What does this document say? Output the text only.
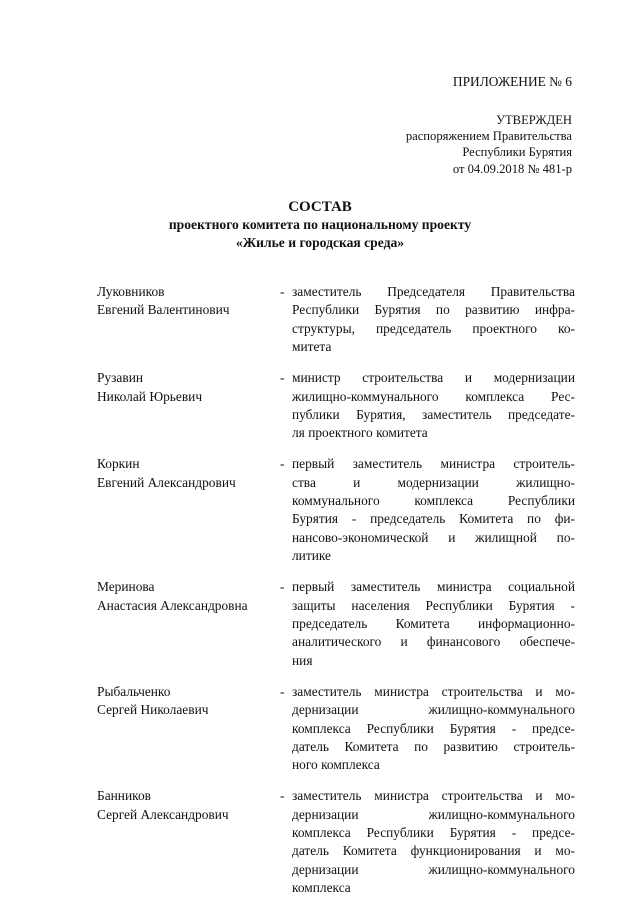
ПРИЛОЖЕНИЕ № 6
УТВЕРЖДЕН
распоряжением Правительства
Республики Бурятия
от 04.09.2018 № 481-р
СОСТАВ
проектного комитета по национальному проекту
«Жилье и городская среда»
Луковников
Евгений Валентинович
- заместитель Председателя Правительства
Республики Бурятия по развитию инфра-
структуры, председатель проектного ко-
митета
Рузавин
Николай Юрьевич
- министр строительства и модернизации
жилищно-коммунального комплекса Рес-
публики Бурятия, заместитель председате-
ля проектного комитета
Коркин
Евгений Александрович
- первый заместитель министра строитель-
ства и модернизации жилищно-
коммунального комплекса Республики
Бурятия - председатель Комитета по фи-
нансово-экономической и жилищной по-
литике
Меринова
Анастасия Александровна
- первый заместитель министра социальной
защиты населения Республики Бурятия -
председатель Комитета информационно-
аналитического и финансового обеспече-
ния
Рыбальченко
Сергей Николаевич
- заместитель министра строительства и мо-
дернизации жилищно-коммунального
комплекса Республики Бурятия - предсе-
датель Комитета по развитию строитель-
ного комплекса
Банников
Сергей Александрович
- заместитель министра строительства и мо-
дернизации жилищно-коммунального
комплекса Республики Бурятия - предсе-
датель Комитета функционирования и мо-
дернизации жилищно-коммунального
комплекса
